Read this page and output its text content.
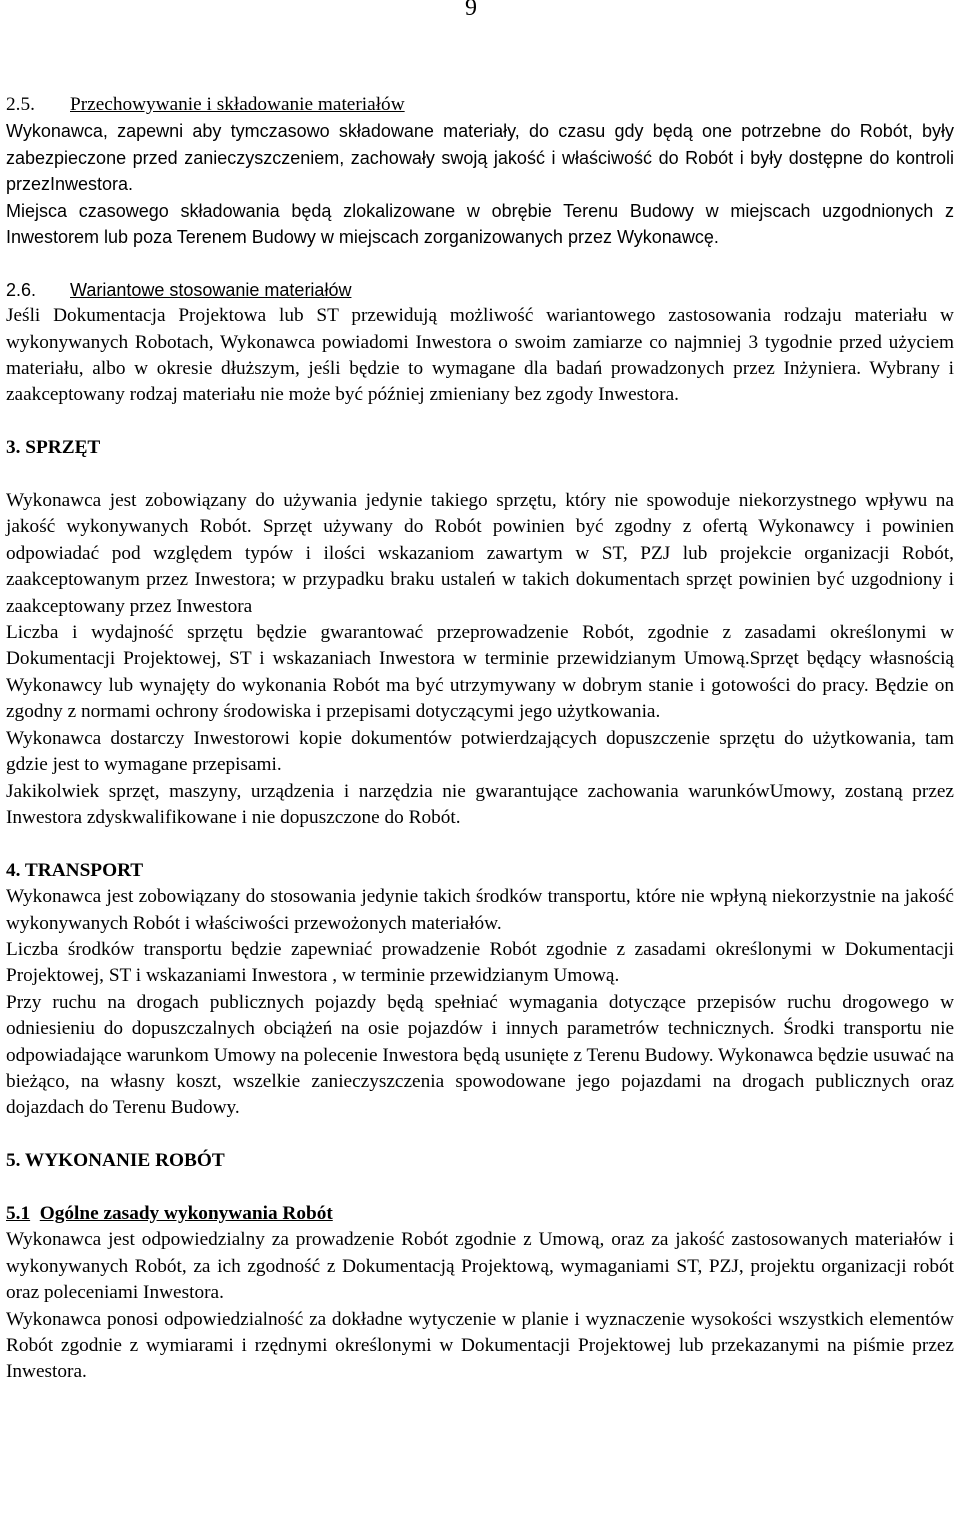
9

2.5. Przechowywanie i składowanie materiałów

Wykonawca, zapewni aby tymczasowo składowane materiały, do czasu gdy będą one potrzebne do Robót, były zabezpieczone przed zanieczyszczeniem, zachowały swoją jakość i właściwość do Robót i były dostępne do kontroli przezInwestora.

Miejsca czasowego składowania będą zlokalizowane w obrębie Terenu Budowy w miejscach uzgodnionych z Inwestorem lub poza Terenem Budowy w miejscach zorganizowanych przez Wykonawcę.

2.6. Wariantowe stosowanie materiałów

Jeśli Dokumentacja Projektowa lub ST przewidują możliwość wariantowego zastosowania rodzaju materiału w wykonywanych Robotach, Wykonawca powiadomi Inwestora o swoim zamiarze co najmniej 3 tygodnie przed użyciem materiału, albo w okresie dłuższym, jeśli będzie to wymagane dla badań prowadzonych przez Inżyniera. Wybrany i zaakceptowany rodzaj materiału nie może być później zmieniany bez zgody Inwestora.

3. SPRZĘT

Wykonawca jest zobowiązany do używania jedynie takiego sprzętu, który nie spowoduje niekorzystnego wpływu na jakość wykonywanych Robót. Sprzęt używany do Robót powinien być zgodny z ofertą Wykonawcy i powinien odpowiadać pod względem typów i ilości wskazaniom zawartym w ST, PZJ lub projekcie organizacji Robót, zaakceptowanym przez Inwestora; w przypadku braku ustaleń w takich dokumentach sprzęt powinien być uzgodniony i zaakceptowany przez Inwestora

Liczba i wydajność sprzętu będzie gwarantować przeprowadzenie Robót, zgodnie z zasadami określonymi w Dokumentacji Projektowej, ST i wskazaniach Inwestora w terminie przewidzianym Umową.Sprzęt będący własnością Wykonawcy lub wynajęty do wykonania Robót ma być utrzymywany w dobrym stanie i gotowości do pracy. Będzie on zgodny z normami ochrony środowiska i przepisami dotyczącymi jego użytkowania.

Wykonawca dostarczy Inwestorowi kopie dokumentów potwierdzających dopuszczenie sprzętu do użytkowania, tam gdzie jest to wymagane przepisami.

Jakikolwiek sprzęt, maszyny, urządzenia i narzędzia nie gwarantujące zachowania warunkówUmowy, zostaną przez Inwestora zdyskwalifikowane i nie dopuszczone do Robót.

4. TRANSPORT

Wykonawca jest zobowiązany do stosowania jedynie takich środków transportu, które nie wpłyną niekorzystnie na jakość wykonywanych Robót i właściwości przewożonych materiałów.

Liczba środków transportu będzie zapewniać prowadzenie Robót zgodnie z zasadami określonymi w Dokumentacji Projektowej, ST i wskazaniami Inwestora , w terminie przewidzianym Umową.

Przy ruchu na drogach publicznych pojazdy będą spełniać wymagania dotyczące przepisów ruchu drogowego w odniesieniu do dopuszczalnych obciążeń na osie pojazdów i innych parametrów technicznych. Środki transportu nie odpowiadające warunkom Umowy na polecenie Inwestora będą usunięte z Terenu Budowy. Wykonawca będzie usuwać na bieżąco, na własny koszt, wszelkie zanieczyszczenia spowodowane jego pojazdami na drogach publicznych oraz dojazdach do Terenu Budowy.

5. WYKONANIE ROBÓT

5.1 Ogólne zasady wykonywania Robót

Wykonawca jest odpowiedzialny za prowadzenie Robót zgodnie z Umową, oraz za jakość zastosowanych materiałów i wykonywanych Robót, za ich zgodność z Dokumentacją Projektową, wymaganiami ST, PZJ, projektu organizacji robót oraz poleceniami Inwestora.

Wykonawca ponosi odpowiedzialność za dokładne wytyczenie w planie i wyznaczenie wysokości wszystkich elementów Robót zgodnie z wymiarami i rzędnymi określonymi w Dokumentacji Projektowej lub przekazanymi na piśmie przez Inwestora.
